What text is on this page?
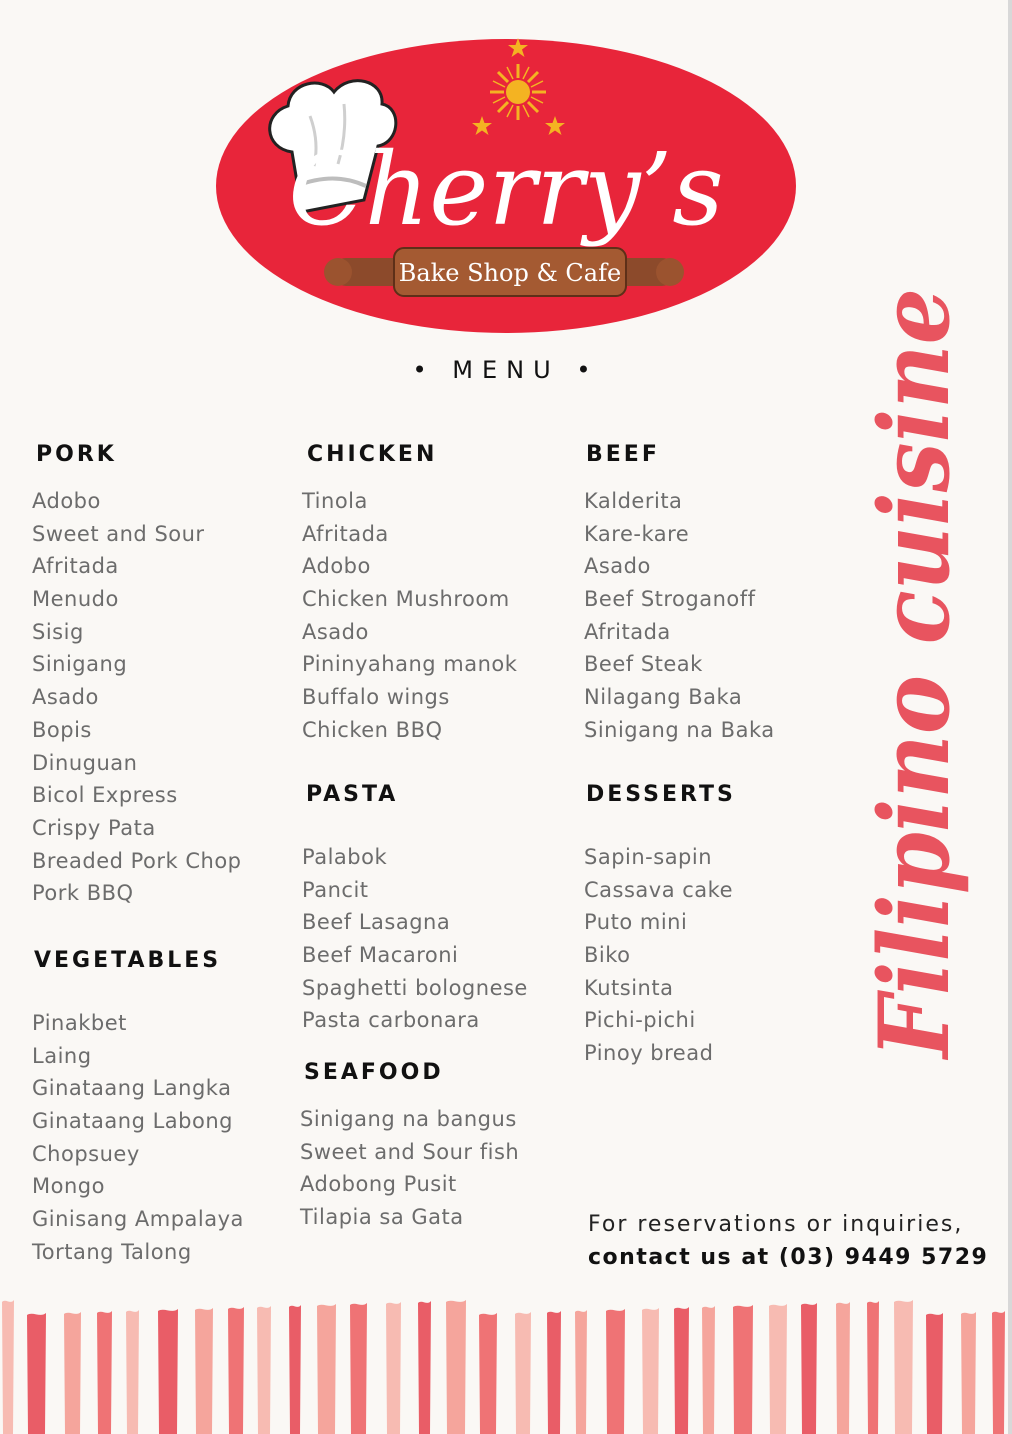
Cherry’s
Bake Shop & Cafe
• MENU •
PORK
Adobo
Sweet and Sour
Afritada
Menudo
Sisig
Sinigang
Asado
Bopis
Dinuguan
Bicol Express
Crispy Pata
Breaded Pork Chop
Pork BBQ
VEGETABLES
Pinakbet
Laing
Ginataang Langka
Ginataang Labong
Chopsuey
Mongo
Ginisang Ampalaya
Tortang Talong
CHICKEN
Tinola
Afritada
Adobo
Chicken Mushroom
Asado
Pininyahang manok
Buffalo wings
Chicken BBQ
PASTA
Palabok
Pancit
Beef Lasagna
Beef Macaroni
Spaghetti bolognese
Pasta carbonara
SEAFOOD
Sinigang na bangus
Sweet and Sour fish
Adobong Pusit
Tilapia sa Gata
BEEF
Kalderita
Kare-kare
Asado
Beef Stroganoff
Afritada
Beef Steak
Nilagang Baka
Sinigang na Baka
DESSERTS
Sapin-sapin
Cassava cake
Puto mini
Biko
Kutsinta
Pichi-pichi
Pinoy bread Filipino cuisine
For reservations or inquiries,
contact us at (03) 9449 5729
